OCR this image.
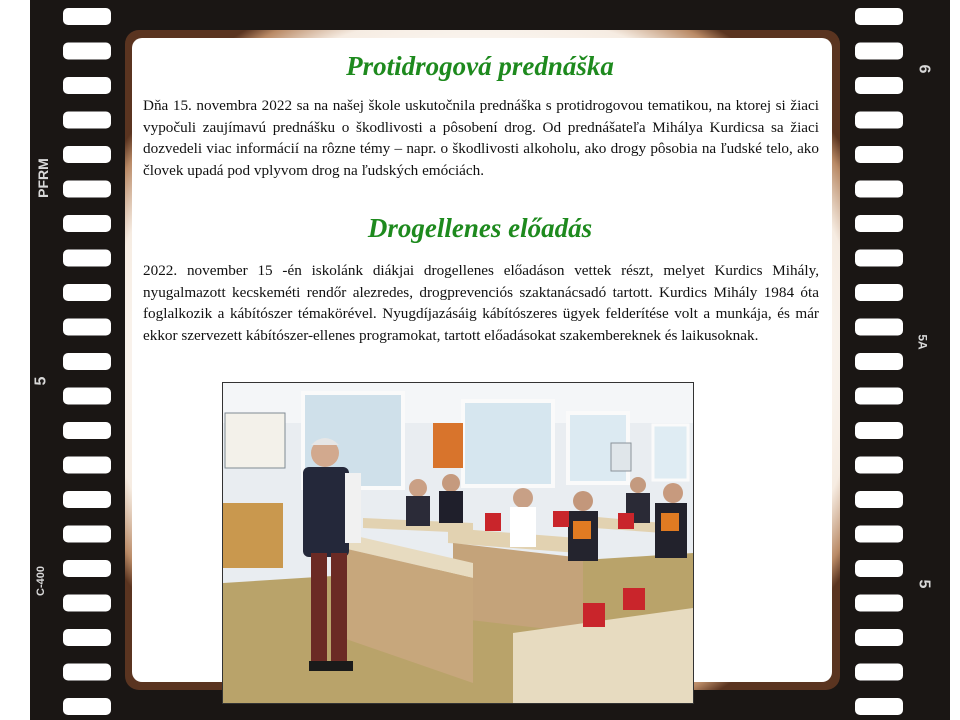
PFRM
5
C-400
6
5A
5
Protidrogová prednáška

Dňa 15. novembra 2022 sa na našej škole uskutočnila prednáška s protidrogovou tematikou, na ktorej si žiaci vypočuli zaujímavú prednášku o škodlivosti a pôsobení drog. Od prednášateľa Mihálya Kurdicsa sa žiaci dozvedeli viac informácií na rôzne témy – napr. o škodlivosti alkoholu, ako drogy pôsobia na ľudské telo, ako človek upadá pod vplyvom drog na ľudských emóciách.

Drogellenes előadás

2022. november 15 -én iskolánk diákjai drogellenes előadáson vettek részt, melyet Kurdics Mihály, nyugalmazott kecskeméti rendőr alezredes, drogprevenciós szaktanácsadó tartott. Kurdics Mihály 1984 óta foglalkozik a kábítószer témakörével. Nyugdíjazásáig kábítószeres ügyek felderítése volt a munkája, és már ekkor szervezett kábítószer-ellenes programokat, tartott előadásokat szakembereknek és laikusoknak.
